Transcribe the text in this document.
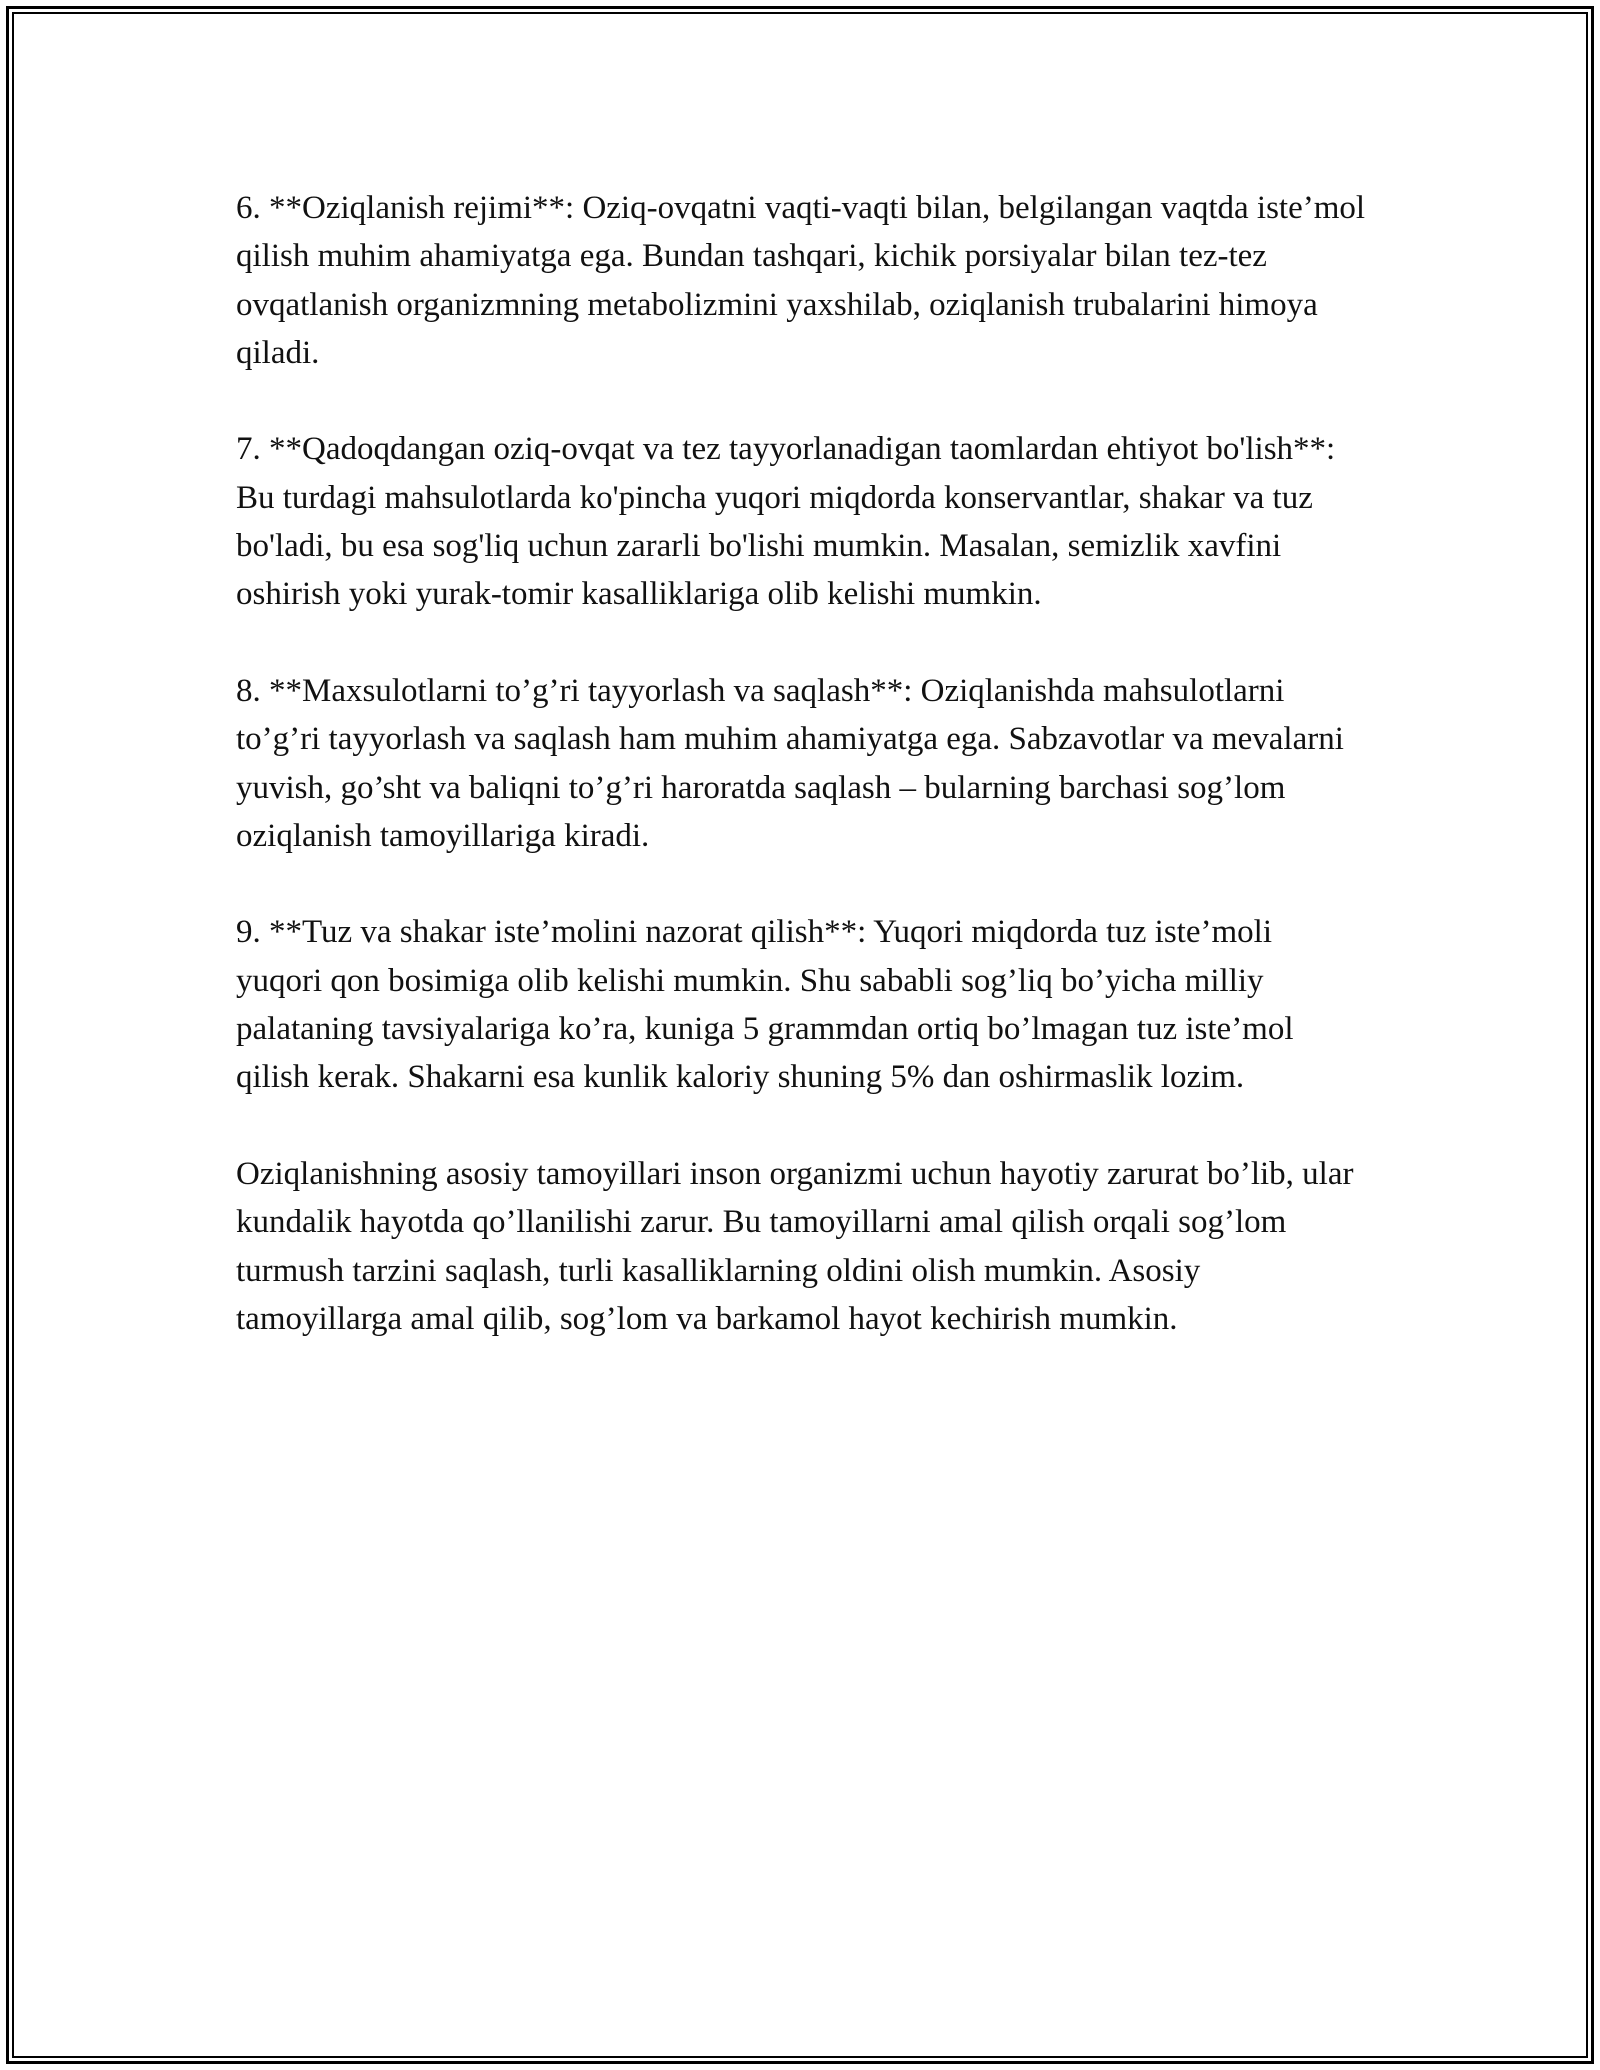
6. **Oziqlanish rejimi**: Oziq-ovqatni vaqti-vaqti bilan, belgilangan vaqtda iste’mol qilish muhim ahamiyatga ega. Bundan tashqari, kichik porsiyalar bilan tez-tez ovqatlanish organizmning metabolizmini yaxshilab, oziqlanish trubalarini himoya qiladi.

7. **Qadoqdangan oziq-ovqat va tez tayyorlanadigan taomlardan ehtiyot bo'lish**: Bu turdagi mahsulotlarda ko'pincha yuqori miqdorda konservantlar, shakar va tuz bo'ladi, bu esa sog'liq uchun zararli bo'lishi mumkin. Masalan, semizlik xavfini oshirish yoki yurak-tomir kasalliklariga olib kelishi mumkin.

8. **Maxsulotlarni to’g’ri tayyorlash va saqlash**: Oziqlanishda mahsulotlarni to’g’ri tayyorlash va saqlash ham muhim ahamiyatga ega. Sabzavotlar va mevalarni yuvish, go’sht va baliqni to’g’ri haroratda saqlash – bularning barchasi sog’lom oziqlanish tamoyillariga kiradi.

9. **Tuz va shakar iste’molini nazorat qilish**: Yuqori miqdorda tuz iste’moli yuqori qon bosimiga olib kelishi mumkin. Shu sababli sog’liq bo’yicha milliy palataning tavsiyalariga ko’ra, kuniga 5 grammdan ortiq bo’lmagan tuz iste’mol qilish kerak. Shakarni esa kunlik kaloriy shuning 5% dan oshirmaslik lozim.

Oziqlanishning asosiy tamoyillari inson organizmi uchun hayotiy zarurat bo’lib, ular kundalik hayotda qo’llanilishi zarur. Bu tamoyillarni amal qilish orqali sog’lom turmush tarzini saqlash, turli kasalliklarning oldini olish mumkin. Asosiy tamoyillarga amal qilib, sog’lom va barkamol hayot kechirish mumkin.
